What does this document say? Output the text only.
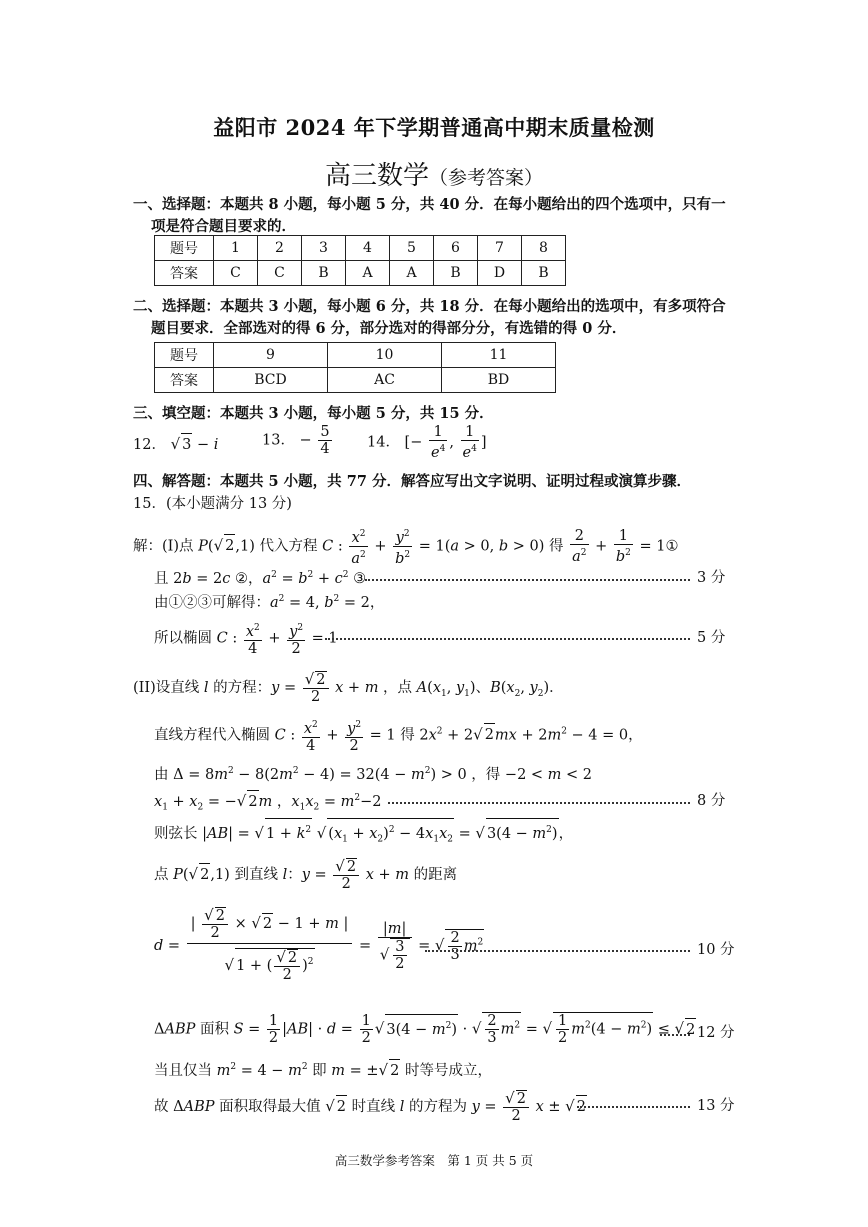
益阳市 2024 年下学期普通高中期末质量检测
高三数学（参考答案）
一、选择题：本题共 8 小题，每小题 5 分，共 40 分．在每小题给出的四个选项中，只有一
项是符合题目要求的．
题号	1	2	3	4	5	6	7	8
答案	C	C	B	A	A	B	D	B
二、选择题：本题共 3 小题，每小题 6 分，共 18 分．在每小题给出的选项中，有多项符合
题目要求．全部选对的得 6 分，部分选对的得部分分，有选错的得 0 分．
题号	9	10	11
答案	BCD	AC	BD
三、填空题：本题共 3 小题，每小题 5 分，共 15 分．
12． √ 3 − i	13． − $\frac{5}{4} 14$． [− $\frac{1}{e^4}$ , $\frac{1}{e^4}$ ]
四、解答题：本题共 5 小题，共 77 分．解答应写出文字说明、证明过程或演算步骤．
15．(本小题满分 13 分)
解：(I)点 P(√ 2,1) 代入方程 C : $\frac{x^2}{a^2} + \frac{y^2}{b^2} = 1(a > 0$, b > 0) 得 $\frac{2}{a^2} + \frac{1}{b^2}$ = 1①
且 2b = 2c ②，$a^2 = b^2 + c^2$ ③	3 分
由①②③可解得：$a^2 = 4$, $b^2 = 2$，
所以椭圆 C : $\frac{x^2}{4} + \frac{y^2}{2} = 1$	5 分
(II)设直线 l 的方程：$y = \frac{√ 2}{2}$ x + m ，点 $A(x_1$, $y_1$)、$B(x_2$, $y_2$)．
直线方程代入椭圆 C : $\frac{x^2}{4} + \frac{y^2}{2} = 1$ 得 $2x^2 + 2√$ $2mx + 2m^2 - 4 = 0$，
由 $\Delta = 8m^2 - 8(2m^2 - 4) = 32(4 - m^2) > 0$ ，得 −2 < m < 2
$x_1 + x_2$ = −√ 2m ，$x_1x_2 = m^2-2$	8 分
则弦长 |AB| = √ $1 + k^2$ √ $(x_1 + x_2)^2 - 4x_1x_2$ = √ $3(4 - m^2)$，
点 P(√ 2,1) 到直线 l：$y = \frac{√ 2}{2}$ x + m 的距离
$d = \frac{| \frac{√ 2}{2} \times √ 2 - 1 + m |}{√ 1 + ( \frac{√ 2}{2} )^2} = \frac{|m|}{√ \frac{3}{2}}$ = √ $\frac{2}{3} m^2$	10 分
ΔABP 面积 $S = \frac{1}{2} |AB| \cdot d = \frac{1}{2}$ √ $3(4 - m^2)$ · √ $\frac{2}{3} m^2$ = √ $\frac{1}{2} m^2(4 - m^2)$ ≤ √ 2 12 分
当且仅当 $m^2 = 4 - m^2$ 即 m = ±√ 2 时等号成立，
故 ΔABP 面积取得最大值 √ 2 时直线 l 的方程为 $y = \frac{√ 2}{2}$ x ± √ 2	13 分
高三数学参考答案　第 1 页 共 5 页
